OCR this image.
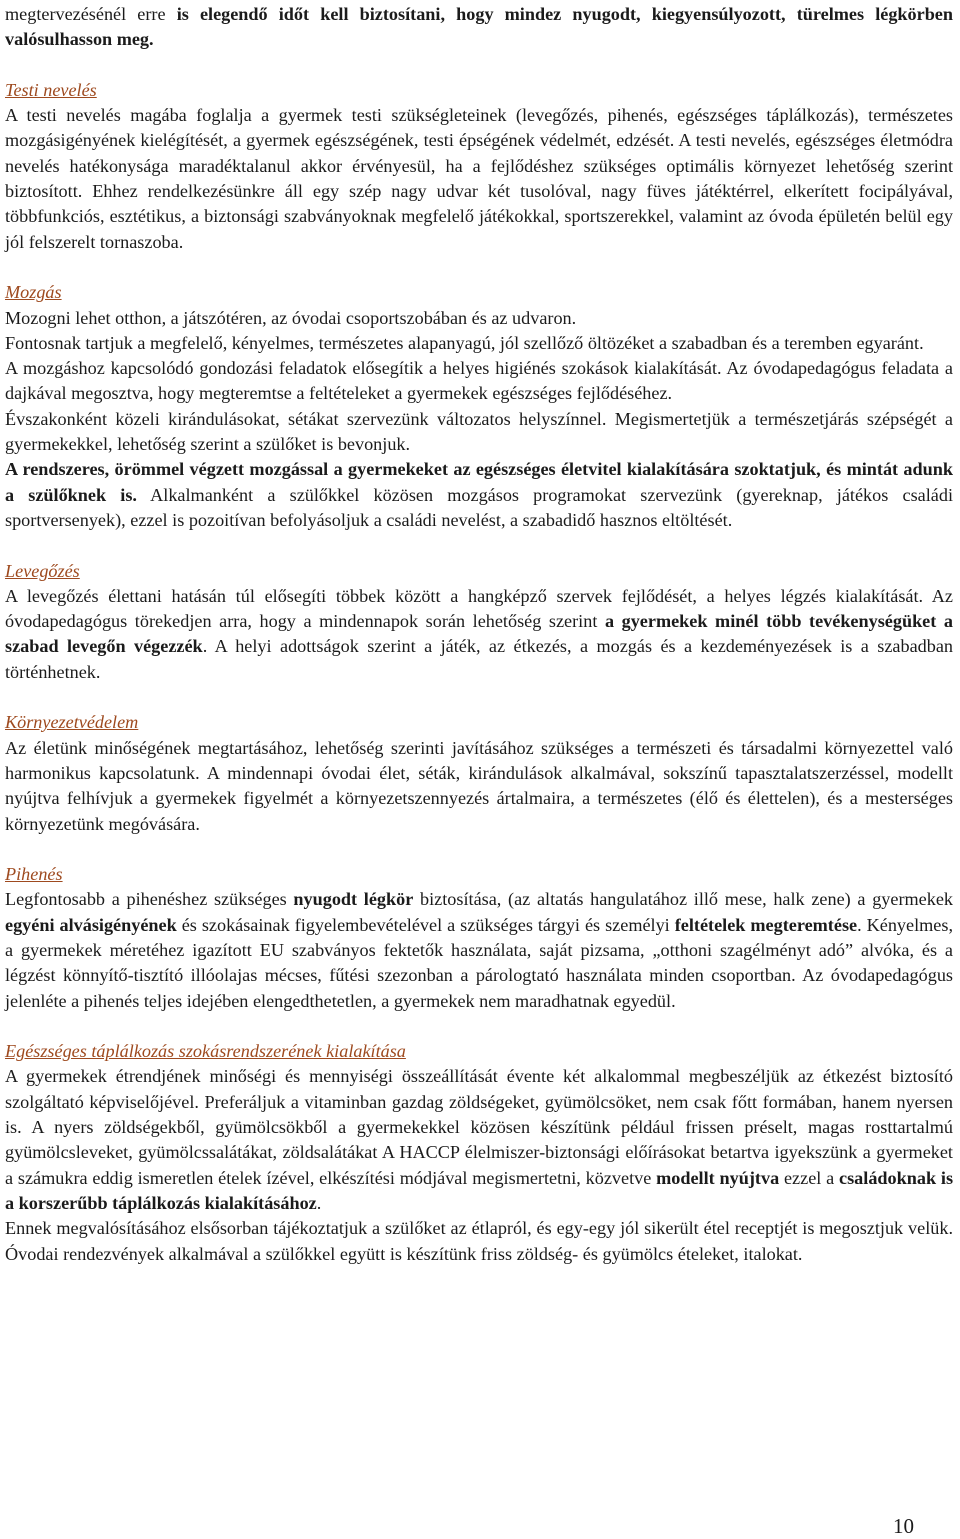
megtervezésénél erre is elegendő időt kell biztosítani, hogy mindez nyugodt, kiegyensúlyozott, türelmes légkörben valósulhasson meg.

Testi nevelés

A testi nevelés magába foglalja a gyermek testi szükségleteinek (levegőzés, pihenés, egészséges táplálkozás), természetes mozgásigényének kielégítését, a gyermek egészségének, testi épségének védelmét, edzését. A testi nevelés, egészséges életmódra nevelés hatékonysága maradéktalanul akkor érvényesül, ha a fejlődéshez szükséges optimális környezet lehetőség szerint biztosított. Ehhez rendelkezésünkre áll egy szép nagy udvar két tusolóval, nagy füves játéktérrel, elkerített focipályával, többfunkciós, esztétikus, a biztonsági szabványoknak megfelelő játékokkal, sportszerekkel, valamint az óvoda épületén belül egy jól felszerelt tornaszoba.

Mozgás

Mozogni lehet otthon, a játszótéren, az óvodai csoportszobában és az udvaron.

Fontosnak tartjuk a megfelelő, kényelmes, természetes alapanyagú, jól szellőző öltözéket a szabadban és a teremben egyaránt.

A mozgáshoz kapcsolódó gondozási feladatok elősegítik a helyes higiénés szokások kialakítását. Az óvodapedagógus feladata a dajkával megosztva, hogy megteremtse a feltételeket a gyermekek egészséges fejlődéséhez.

Évszakonként közeli kirándulásokat, sétákat szervezünk változatos helyszínnel. Megismertetjük a természetjárás szépségét a gyermekekkel, lehetőség szerint a szülőket is bevonjuk.

A rendszeres, örömmel végzett mozgással a gyermekeket az egészséges életvitel kialakítására szoktatjuk, és mintát adunk a szülőknek is. Alkalmanként a szülőkkel közösen mozgásos programokat szervezünk (gyereknap, játékos családi sportversenyek), ezzel is pozoitívan befolyásoljuk a családi nevelést, a szabadidő hasznos eltöltését.

Levegőzés

A levegőzés élettani hatásán túl elősegíti többek között a hangképző szervek fejlődését, a helyes légzés kialakítását. Az óvodapedagógus törekedjen arra, hogy a mindennapok során lehetőség szerint a gyermekek minél több tevékenységüket a szabad levegőn végezzék. A helyi adottságok szerint a játék, az étkezés, a mozgás és a kezdeményezések is a szabadban történhetnek.

Környezetvédelem

Az életünk minőségének megtartásához, lehetőség szerinti javításához szükséges a természeti és társadalmi környezettel való harmonikus kapcsolatunk. A mindennapi óvodai élet, séták, kirándulások alkalmával, sokszínű tapasztalatszerzéssel, modellt nyújtva felhívjuk a gyermekek figyelmét a környezetszennyezés ártalmaira, a természetes (élő és élettelen), és a mesterséges környezetünk megóvására.

Pihenés

Legfontosabb a pihenéshez szükséges nyugodt légkör biztosítása, (az altatás hangulatához illő mese, halk zene) a gyermekek egyéni alvásigényének és szokásainak figyelembevételével a szükséges tárgyi és személyi feltételek megteremtése. Kényelmes, a gyermekek méretéhez igazított EU szabványos fektetők használata, saját pizsama, „otthoni szagélményt adó” alvóka, és a légzést könnyítő-tisztító illóolajas mécses, fűtési szezonban a párologtató használata minden csoportban. Az óvodapedagógus jelenléte a pihenés teljes idejében elengedthetetlen, a gyermekek nem maradhatnak egyedül.

Egészséges táplálkozás szokásrendszerének kialakítása

A gyermekek étrendjének minőségi és mennyiségi összeállítását évente két alkalommal megbeszéljük az étkezést biztosító szolgáltató képviselőjével. Preferáljuk a vitaminban gazdag zöldségeket, gyümölcsöket, nem csak főtt formában, hanem nyersen is. A nyers zöldségekből, gyümölcsökből a gyermekekkel közösen készítünk például frissen préselt, magas rosttartalmú gyümölcsleveket, gyümölcssalátákat, zöldsalátákat A HACCP élelmiszer-biztonsági előírásokat betartva igyekszünk a gyermeket a számukra eddig ismeretlen ételek ízével, elkészítési módjával megismertetni, közvetve modellt nyújtva ezzel a családoknak is a korszerűbb táplálkozás kialakításához.

Ennek megvalósításához elsősorban tájékoztatjuk a szülőket az étlapról, és egy-egy jól sikerült étel receptjét is megosztjuk velük. Óvodai rendezvények alkalmával a szülőkkel együtt is készítünk friss zöldség- és gyümölcs ételeket, italokat.

10
